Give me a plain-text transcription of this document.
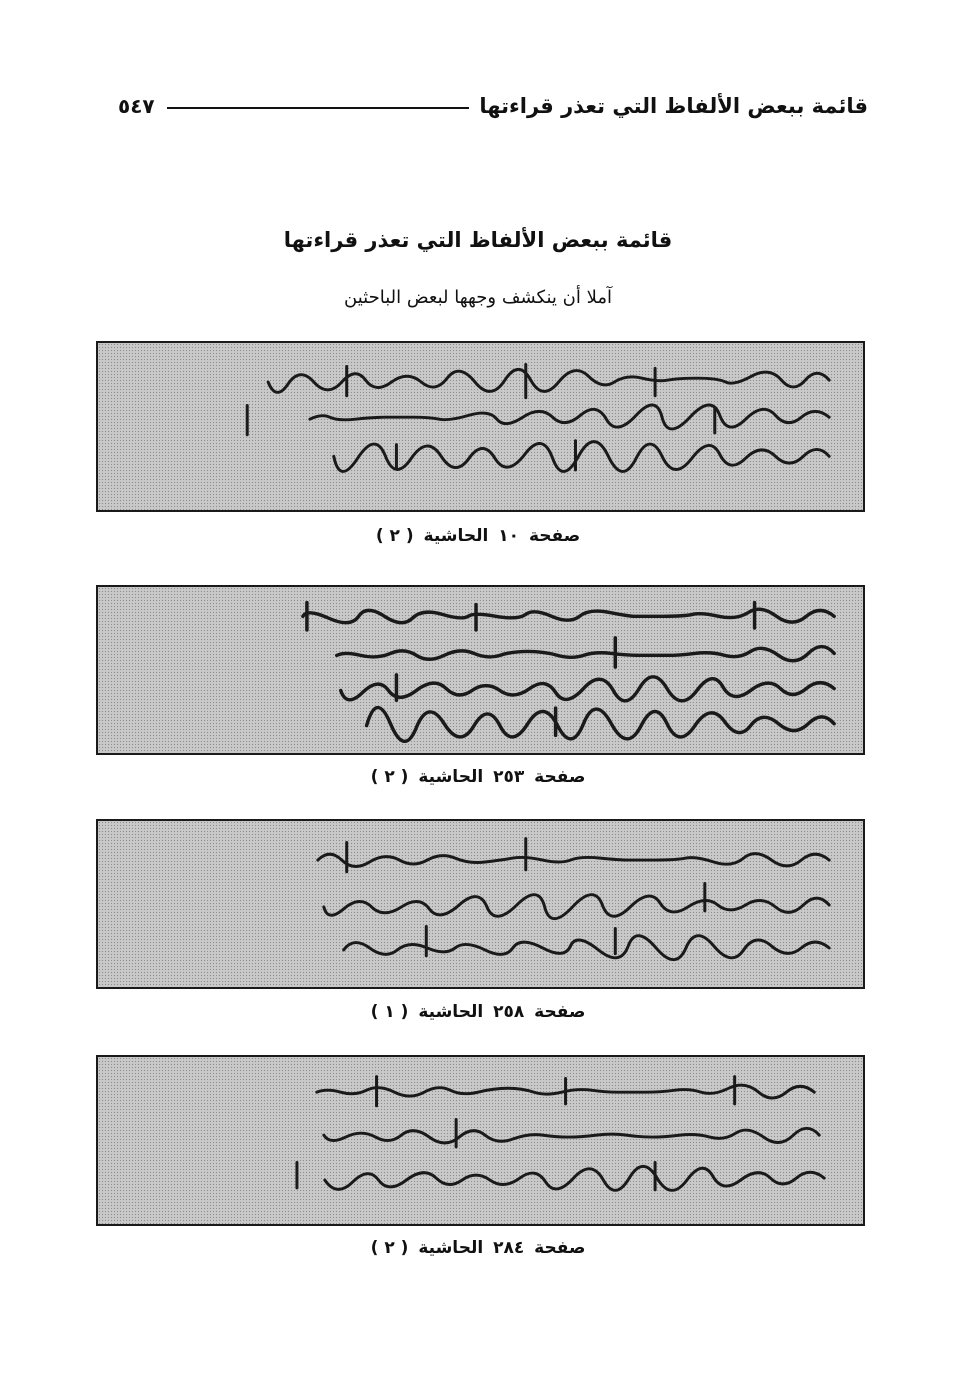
قائمة ببعض الألفاظ التي تعذر قراءتها
٥٤٧
قائمة ببعض الألفاظ التي تعذر قراءتها
آملا أن ينكشف وجهها لبعض الباحثين
صفحة ١٠ الحاشية ( ٢ )
صفحة ٢٥٣ الحاشية ( ٢ )
صفحة ٢٥٨ الحاشية ( ١ )
صفحة ٢٨٤ الحاشية ( ٢ )
